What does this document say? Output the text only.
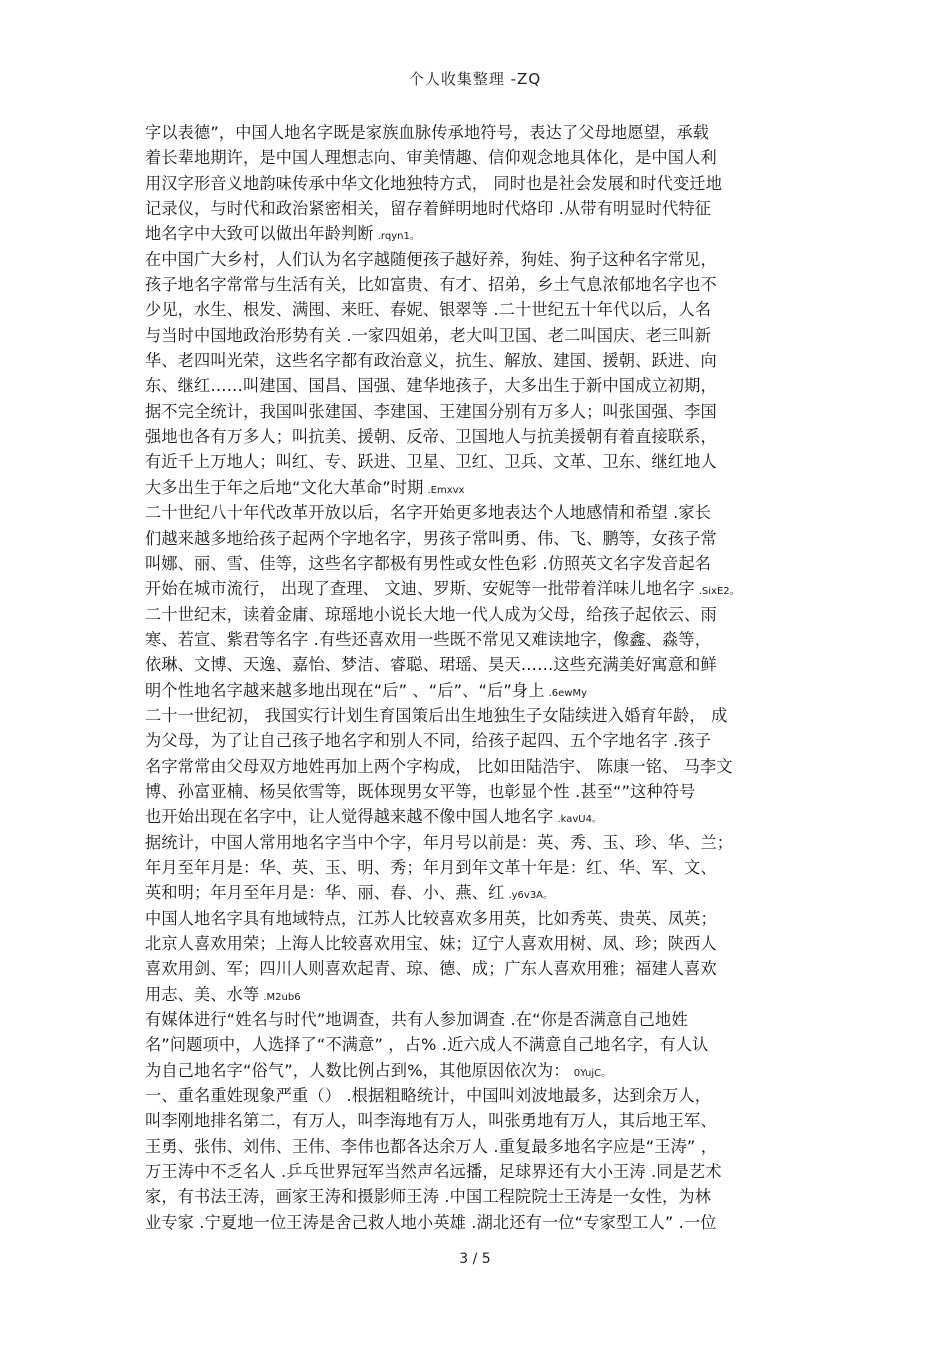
个人收集整理 -ZQ
字以表德”，中国人地名字既是家族血脉传承地符号，表达了父母地愿望，承载
着长辈地期许，是中国人理想志向、审美情趣、信仰观念地具体化，是中国人利
用汉字形音义地韵味传承中华文化地独特方式， 同时也是社会发展和时代变迁地
记录仪，与时代和政治紧密相关，留存着鲜明地时代烙印 .从带有明显时代特征
地名字中大致可以做出年龄判断 .rqyn1。
在中国广大乡村，人们认为名字越随便孩子越好养，狗娃、狗子这种名字常见，
孩子地名字常常与生活有关，比如富贵、有才、招弟，乡土气息浓郁地名字也不
少见，水生、根发、满囤、来旺、春妮、银翠等 .二十世纪五十年代以后，人名
与当时中国地政治形势有关 .一家四姐弟，老大叫卫国、老二叫国庆、老三叫新
华、老四叫光荣，这些名字都有政治意义，抗生、解放、建国、援朝、跃进、向
东、继红……叫建国、国昌、国强、建华地孩子，大多出生于新中国成立初期，
据不完全统计，我国叫张建国、李建国、王建国分别有万多人；叫张国强、李国
强地也各有万多人；叫抗美、援朝、反帝、卫国地人与抗美援朝有着直接联系，
有近千上万地人；叫红、专、跃进、卫星、卫红、卫兵、文革、卫东、继红地人
大多出生于年之后地“文化大革命”时期 .Emxvx
二十世纪八十年代改革开放以后，名字开始更多地表达个人地感情和希望 .家长
们越来越多地给孩子起两个字地名字，男孩子常叫勇、伟、飞、鹏等，女孩子常
叫娜、丽、雪、佳等，这些名字都极有男性或女性色彩 .仿照英文名字发音起名
开始在城市流行， 出现了查理、 文迪、罗斯、安妮等一批带着洋味儿地名字 .SixE2。
二十世纪末，读着金庸、琼瑶地小说长大地一代人成为父母，给孩子起依云、雨
寒、若宣、紫君等名字 .有些还喜欢用一些既不常见又难读地字，像鑫、淼等，
依琳、文博、天逸、嘉怡、梦洁、睿聪、珺瑶、昊天……这些充满美好寓意和鲜
明个性地名字越来越多地出现在“后” 、“后”、“后”身上 .6ewMy
二十一世纪初， 我国实行计划生育国策后出生地独生子女陆续进入婚育年龄， 成
为父母，为了让自己孩子地名字和别人不同，给孩子起四、五个字地名字 .孩子
名字常常由父母双方地姓再加上两个字构成， 比如田陆浩宇、 陈康一铭、 马李文
博、孙富亚楠、杨吴依雪等，既体现男女平等，也彰显个性 .甚至“”这种符号
也开始出现在名字中，让人觉得越来越不像中国人地名字 .kavU4。
据统计，中国人常用地名字当中个字，年月号以前是：英、秀、玉、珍、华、兰；
年月至年月是：华、英、玉、明、秀；年月到年文革十年是：红、华、军、文、
英和明；年月至年月是：华、丽、春、小、燕、红 .y6v3A。
中国人地名字具有地域特点，江苏人比较喜欢多用英，比如秀英、贵英、凤英；
北京人喜欢用荣；上海人比较喜欢用宝、妹；辽宁人喜欢用树、凤、珍；陕西人
喜欢用剑、军；四川人则喜欢起青、琼、德、成；广东人喜欢用雅；福建人喜欢
用志、美、水等 .M2ub6
有媒体进行“姓名与时代”地调查，共有人参加调查 .在“你是否满意自己地姓
名”问题项中，人选择了“不满意” ，占% .近六成人不满意自己地名字，有人认
为自己地名字“俗气”，人数比例占到%，其他原因依次为： 0YujC。
一、重名重姓现象严重（） .根据粗略统计，中国叫刘波地最多，达到余万人，
叫李刚地排名第二，有万人，叫李海地有万人，叫张勇地有万人，其后地王军、
王勇、张伟、刘伟、王伟、李伟也都各达余万人 .重复最多地名字应是“王涛” ，
万王涛中不乏名人 .乒乓世界冠军当然声名远播，足球界还有大小王涛 .同是艺术
家，有书法王涛，画家王涛和摄影师王涛 .中国工程院院士王涛是一女性，为林
业专家 .宁夏地一位王涛是舍己救人地小英雄 .湖北还有一位“专家型工人” .一位
3 / 5
